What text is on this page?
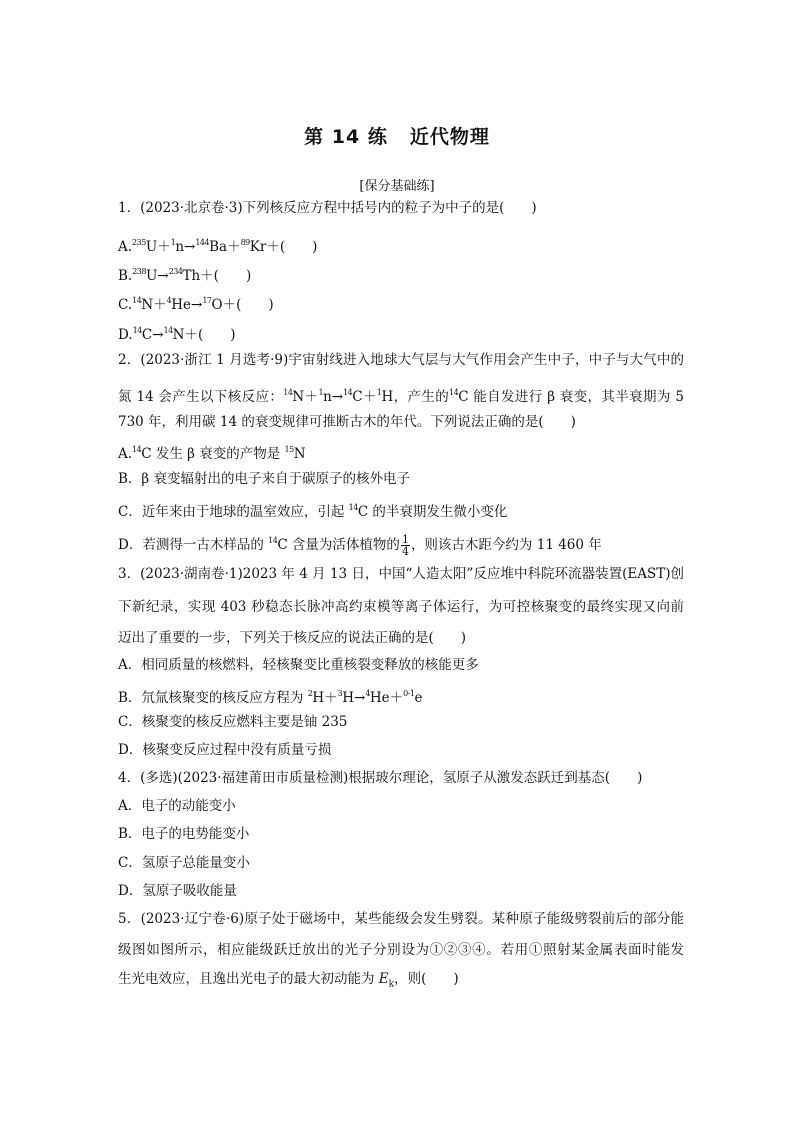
第 14 练 近代物理
[保分基础练]
1．(2023·北京卷·3)下列核反应方程中括号内的粒子为中子的是(　　)
A.$^{235}$U＋$^1$n→$^{144}$Ba＋$^{89}$Kr＋(　　)
B.$^{238}$U→$^{234}$Th＋(　　)
C.$^{14}$N＋$^4$He→$^{17}$O＋(　　)
D.$^{14}$C→$^{14}$N＋(　　)
2．(2023·浙江 1 月选考·9)宇宙射线进入地球大气层与大气作用会产生中子，中子与大气中的
氮 14 会产生以下核反应：$^{14}$N＋$^1$n→$^{14}$C＋$^1$H，产生的$^{14}$C 能自发进行 β 衰变，其半衰期为 5
730 年，利用碳 14 的衰变规律可推断古木的年代。下列说法正确的是(　　)
A.$^{14}$C 发生 β 衰变的产物是 $^{15}$N
B．β 衰变辐射出的电子来自于碳原子的核外电子
C．近年来由于地球的温室效应，引起 $^{14}$C 的半衰期发生微小变化
D．若测得一古木样品的 $^{14}$C 含量为活体植物的 $\frac{1}{4}$ ，则该古木距今约为 11 460 年
3．(2023·湖南卷·1)2023 年 4 月 13 日，中国“人造太阳”反应堆中科院环流器装置(EAST)创
下新纪录，实现 403 秒稳态长脉冲高约束模等离子体运行，为可控核聚变的最终实现又向前
迈出了重要的一步，下列关于核反应的说法正确的是(　　)
A．相同质量的核燃料，轻核聚变比重核裂变释放的核能更多
B．氘氚核聚变的核反应方程为 $^2$H＋$^3$H→$^4$He＋$^{0-1}$e
C．核聚变的核反应燃料主要是铀 235
D．核聚变反应过程中没有质量亏损
4．(多选)(2023·福建莆田市质量检测)根据玻尔理论，氢原子从激发态跃迁到基态(　　)
A．电子的动能变小
B．电子的电势能变小
C．氢原子总能量变小
D．氢原子吸收能量
5．(2023·辽宁卷·6)原子处于磁场中，某些能级会发生劈裂。某种原子能级劈裂前后的部分能
级图如图所示，相应能级跃迁放出的光子分别设为①②③④。若用①照射某金属表面时能发
生光电效应，且逸出光电子的最大初动能为 $E_k$，则(　　)
